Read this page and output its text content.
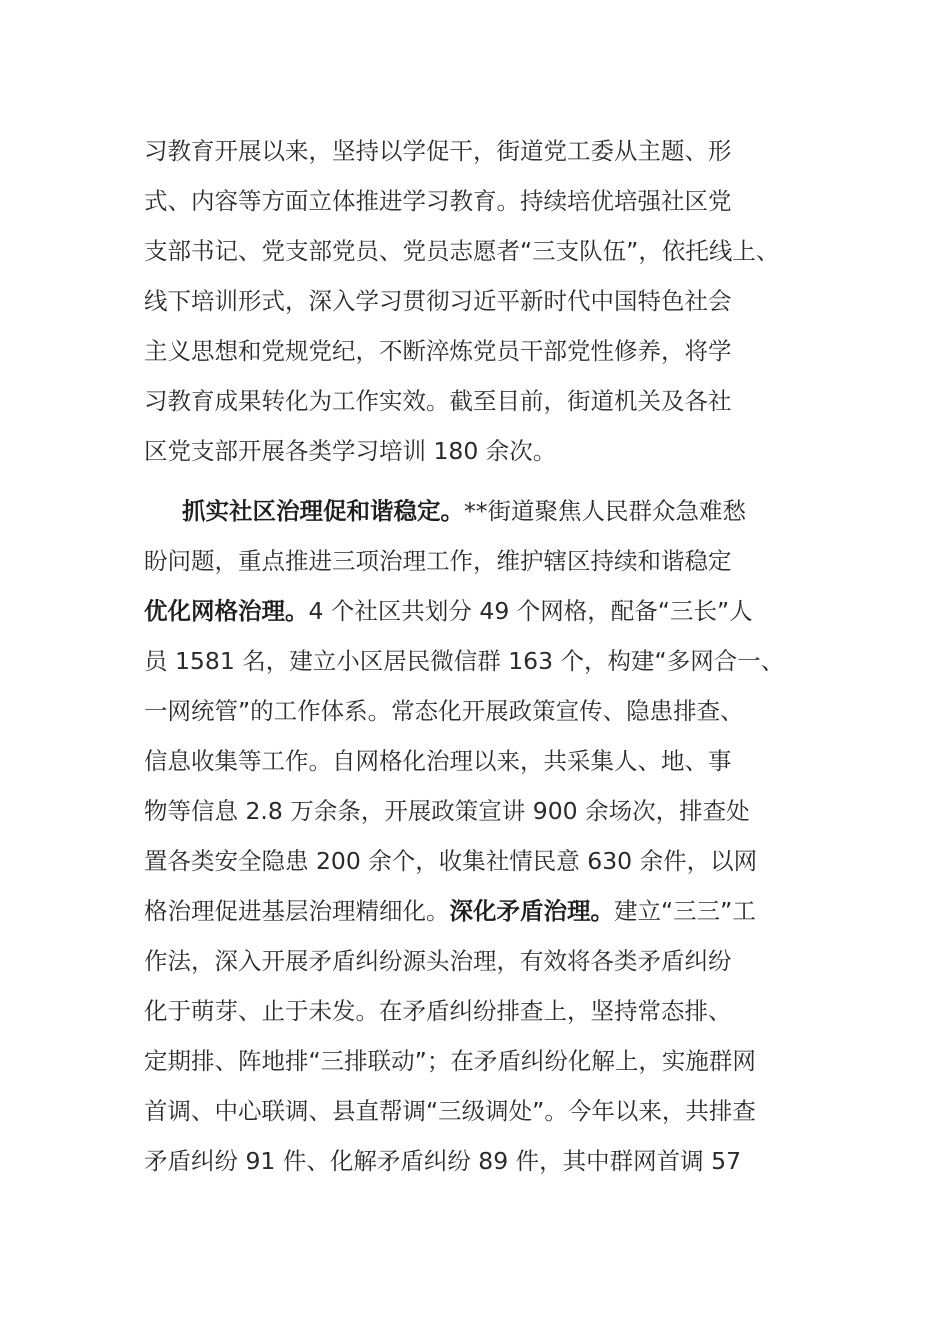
习教育开展以来，坚持以学促干，街道党工委从主题、形
式、内容等方面立体推进学习教育。持续培优培强社区党
支部书记、党支部党员、党员志愿者“三支队伍”，依托线上、
线下培训形式，深入学习贯彻习近平新时代中国特色社会
主义思想和党规党纪，不断淬炼党员干部党性修养，将学
习教育成果转化为工作实效。截至目前，街道机关及各社
区党支部开展各类学习培训 180 余次。
抓实社区治理促和谐稳定。**街道聚焦人民群众急难愁
盼问题，重点推进三项治理工作，维护辖区持续和谐稳定
优化网格治理。4 个社区共划分 49 个网格，配备“三长”人
员 1581 名，建立小区居民微信群 163 个，构建“多网合一、
一网统管”的工作体系。常态化开展政策宣传、隐患排查、
信息收集等工作。自网格化治理以来，共采集人、地、事
物等信息 2.8 万余条，开展政策宣讲 900 余场次，排查处
置各类安全隐患 200 余个，收集社情民意 630 余件，以网
格治理促进基层治理精细化。深化矛盾治理。建立“三三”工
作法，深入开展矛盾纠纷源头治理，有效将各类矛盾纠纷
化于萌芽、止于未发。在矛盾纠纷排查上，坚持常态排、
定期排、阵地排“三排联动”；在矛盾纠纷化解上，实施群网
首调、中心联调、县直帮调“三级调处”。今年以来，共排查
矛盾纠纷 91 件、化解矛盾纠纷 89 件，其中群网首调 57
